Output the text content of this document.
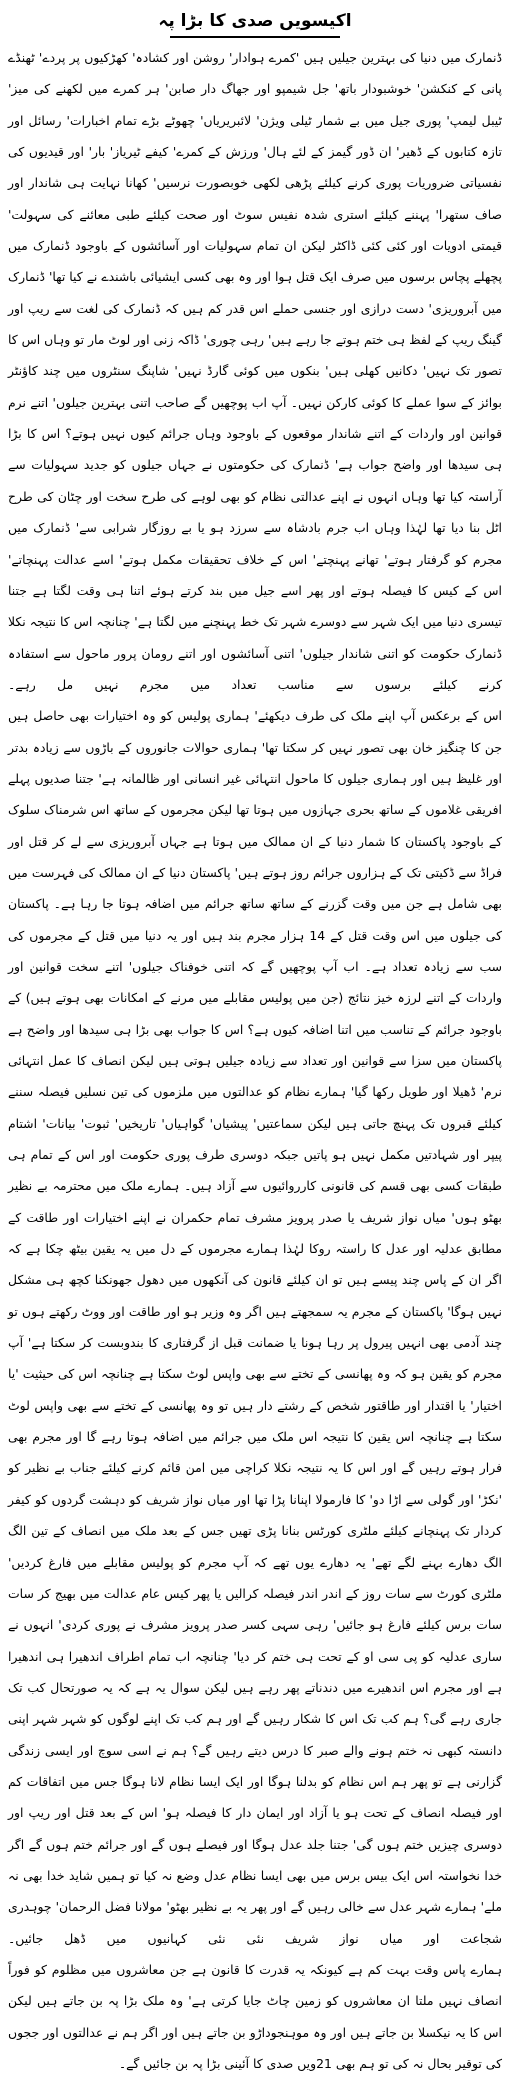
اکیسویں صدی کا بڑا پہ

ڈنمارک میں دنیا کی بہترین جیلیں ہیں 'کمرے ہوادار' روشن اور کشادہ' کھڑکیوں پر پردے' ٹھنڈے پانی کے کنکشن' خوشبودار باتھ' جل شیمپو اور جھاگ دار صابن' ہر کمرے میں لکھنے کی میز' ٹیبل لیمپ' پوری جیل میں بے شمار ٹیلی ویژن' لائبریریاں' چھوٹے بڑے تمام اخبارات' رسائل اور تازہ کتابوں کے ڈھیر' ان ڈور گیمز کے لئے ہال' ورزش کے کمرے' کیفے ٹیریاز' بار' اور قیدیوں کی نفسیاتی ضروریات پوری کرنے کیلئے پڑھی لکھی خوبصورت نرسیں' کھانا نہایت ہی شاندار اور صاف ستھرا' پہننے کیلئے استری شدہ نفیس سوٹ اور صحت کیلئے طبی معائنے کی سہولت' قیمتی ادویات اور کئی کئی ڈاکٹر لیکن ان تمام سہولیات اور آسائشوں کے باوجود ڈنمارک میں پچھلے پچاس برسوں میں صرف ایک قتل ہوا اور وہ بھی کسی ایشیائی باشندے نے کیا تھا' ڈنمارک میں آبروریزی' دست درازی اور جنسی حملے اس قدر کم ہیں کہ ڈنمارک کی لغت سے ریپ اور گینگ ریپ کے لفظ ہی ختم ہوتے جا رہے ہیں' رہی چوری' ڈاکہ زنی اور لوٹ مار تو وہاں اس کا تصور تک نہیں' دکانیں کھلی ہیں' بنکوں میں کوئی گارڈ نہیں' شاپنگ سنٹروں میں چند کاؤنٹر بوائز کے سوا عملے کا کوئی کارکن نہیں۔ آپ اب پوچھیں گے صاحب اتنی بہترین جیلوں' اتنے نرم قوانین اور واردات کے اتنے شاندار موقعوں کے باوجود وہاں جرائم کیوں نہیں ہوتے؟ اس کا بڑا ہی سیدھا اور واضح جواب ہے' ڈنمارک کی حکومتوں نے جہاں جیلوں کو جدید سہولیات سے آراستہ کیا تھا وہاں انہوں نے اپنے عدالتی نظام کو بھی لوہے کی طرح سخت اور چٹان کی طرح اٹل بنا دیا تھا لہٰذا وہاں اب جرم بادشاہ سے سرزد ہو یا بے روزگار شرابی سے' ڈنمارک میں مجرم کو گرفتار ہوتے' تھانے پہنچتے' اس کے خلاف تحقیقات مکمل ہوتے' اسے عدالت پہنچاتے' اس کے کیس کا فیصلہ ہوتے اور پھر اسے جیل میں بند کرتے ہوئے اتنا ہی وقت لگتا ہے جتنا تیسری دنیا میں ایک شہر سے دوسرے شہر تک خط پہنچنے میں لگتا ہے' چنانچہ اس کا نتیجہ نکلا ڈنمارک حکومت کو اتنی شاندار جیلوں' اتنی آسائشوں اور اتنے رومان پرور ماحول سے استفادہ کرنے کیلئے برسوں سے مناسب تعداد میں مجرم نہیں مل رہے۔

اس کے برعکس آپ اپنے ملک کی طرف دیکھئے' ہماری پولیس کو وہ اختیارات بھی حاصل ہیں جن کا چنگیز خان بھی تصور نہیں کر سکتا تھا' ہماری حوالات جانوروں کے باڑوں سے زیادہ بدتر اور غلیظ ہیں اور ہماری جیلوں کا ماحول انتہائی غیر انسانی اور ظالمانہ ہے' جتنا صدیوں پہلے افریقی غلاموں کے ساتھ بحری جہازوں میں ہوتا تھا لیکن مجرموں کے ساتھ اس شرمناک سلوک کے باوجود پاکستان کا شمار دنیا کے ان ممالک میں ہوتا ہے جہاں آبروریزی سے لے کر قتل اور فراڈ سے ڈکیتی تک کے ہزاروں جرائم روز ہوتے ہیں' پاکستان دنیا کے ان ممالک کی فہرست میں بھی شامل ہے جن میں وقت گزرنے کے ساتھ ساتھ جرائم میں اضافہ ہوتا جا رہا ہے۔ پاکستان کی جیلوں میں اس وقت قتل کے 14 ہزار مجرم بند ہیں اور یہ دنیا میں قتل کے مجرموں کی سب سے زیادہ تعداد ہے۔ اب آپ پوچھیں گے کہ اتنی خوفناک جیلوں' اتنے سخت قوانین اور واردات کے اتنے لرزہ خیز نتائج (جن میں پولیس مقابلے میں مرنے کے امکانات بھی ہوتے ہیں) کے باوجود جرائم کے تناسب میں اتنا اضافہ کیوں ہے؟ اس کا جواب بھی بڑا ہی سیدھا اور واضح ہے پاکستان میں سزا سے قوانین اور تعداد سے زیادہ جیلیں ہوتی ہیں لیکن انصاف کا عمل انتہائی نرم' ڈھیلا اور طویل رکھا گیا' ہمارے نظام کو عدالتوں میں ملزموں کی تین نسلیں فیصلہ سننے کیلئے قبروں تک پہنچ جاتی ہیں لیکن سماعتیں' پیشیاں' گواہیاں' تاریخیں' ثبوت' بیانات' اشتام پیپر اور شہادتیں مکمل نہیں ہو پاتیں جبکہ دوسری طرف پوری حکومت اور اس کے تمام ہی طبقات کسی بھی قسم کی قانونی کارروائیوں سے آزاد ہیں۔ ہمارے ملک میں محترمہ بے نظیر بھٹو ہوں' میاں نواز شریف یا صدر پرویز مشرف تمام حکمران نے اپنے اختیارات اور طاقت کے مطابق عدلیہ اور عدل کا راستہ روکا لہٰذا ہمارے مجرموں کے دل میں یہ یقین بیٹھ چکا ہے کہ اگر ان کے پاس چند پیسے ہیں تو ان کیلئے قانون کی آنکھوں میں دھول جھونکنا کچھ ہی مشکل نہیں ہوگا' پاکستان کے مجرم یہ سمجھتے ہیں اگر وہ وزیر ہو اور طاقت اور ووٹ رکھتے ہوں تو چند آدمی بھی انہیں پیرول پر رہا ہونا یا ضمانت قبل از گرفتاری کا بندوبست کر سکتا ہے' آپ مجرم کو یقین ہو کہ وہ پھانسی کے تختے سے بھی واپس لوٹ سکتا ہے چنانچہ اس کی حیثیت 'یا اختیار' یا اقتدار اور طاقتور شخص کے رشتے دار ہیں تو وہ پھانسی کے تختے سے بھی واپس لوٹ سکتا ہے چنانچہ اس یقین کا نتیجہ اس ملک میں جرائم میں اضافہ ہوتا رہے گا اور مجرم بھی فرار ہوتے رہیں گے اور اس کا یہ نتیجہ نکلا کراچی میں امن قائم کرنے کیلئے جناب بے نظیر کو 'نکڑ' اور گولی سے اڑا دو' کا فارمولا اپنانا پڑا تھا اور میاں نواز شریف کو دہشت گردوں کو کیفر کردار تک پہنچانے کیلئے ملٹری کورٹس بنانا پڑی تھیں جس کے بعد ملک میں انصاف کے تین الگ الگ دھارے بہنے لگے تھے' یہ دھارے یوں تھے کہ آپ مجرم کو پولیس مقابلے میں فارغ کردیں' ملٹری کورٹ سے سات روز کے اندر اندر فیصلہ کرالیں یا پھر کیس عام عدالت میں بھیج کر سات سات برس کیلئے فارغ ہو جائیں' رہی سہی کسر صدر پرویز مشرف نے پوری کردی' انہوں نے ساری عدلیہ کو پی سی او کے تحت ہی ختم کر دیا' چنانچہ اب تمام اطراف اندھیرا ہی اندھیرا ہے اور مجرم اس اندھیرے میں دندناتے پھر رہے ہیں لیکن سوال یہ ہے کہ یہ صورتحال کب تک جاری رہے گی؟ ہم کب تک اس کا شکار رہیں گے اور ہم کب تک اپنے لوگوں کو شہر شہر اپنی دانستہ کبھی نہ ختم ہونے والے صبر کا درس دیتے رہیں گے؟ ہم نے اسی سوچ اور ایسی زندگی گزارنی ہے تو پھر ہم اس نظام کو بدلنا ہوگا اور ایک ایسا نظام لانا ہوگا جس میں اتفاقات کم اور فیصلہ انصاف کے تحت ہو یا آزاد اور ایمان دار کا فیصلہ ہو' اس کے بعد قتل اور ریپ اور دوسری چیزیں ختم ہوں گی' جتنا جلد عدل ہوگا اور فیصلے ہوں گے اور جرائم ختم ہوں گے اگر خدا نخواستہ اس ایک بیس برس میں بھی ایسا نظام عدل وضع نہ کیا تو ہمیں شاید خدا بھی نہ ملے' ہمارے شہر عدل سے خالی رہیں گے اور پھر یہ بے نظیر بھٹو' مولانا فضل الرحمان' چوہدری شجاعت اور میاں نواز شریف نئی نئی کہانیوں میں ڈھل جائیں۔

ہمارے پاس وقت بہت کم ہے کیونکہ یہ قدرت کا قانون ہے جن معاشروں میں مظلوم کو فوراً انصاف نہیں ملتا ان معاشروں کو زمین چاٹ جایا کرتی ہے' وہ ملک بڑا پہ بن جاتے ہیں لیکن اس کا یہ نیکسلا بن جاتے ہیں اور وہ موہنجوداڑو بن جاتے ہیں اور اگر ہم نے عدالتوں اور ججوں کی توقیر بحال نہ کی تو ہم بھی 21ویں صدی کا آئینی بڑا پہ بن جائیں گے۔
